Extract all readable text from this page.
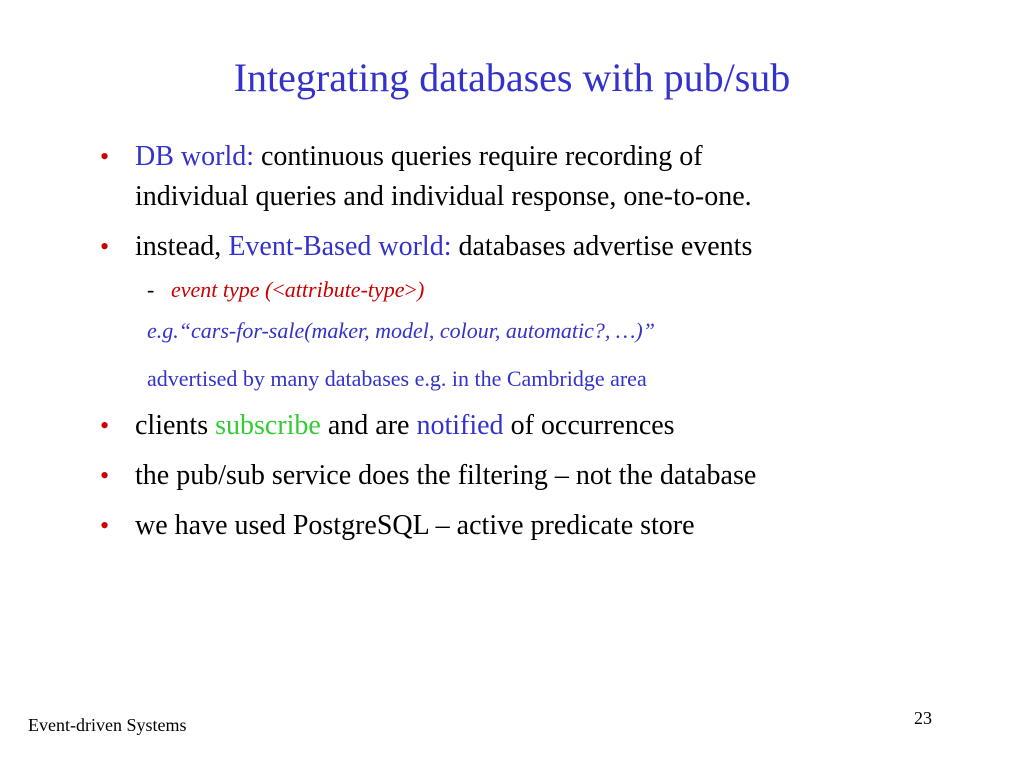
Integrating databases with pub/sub
• DB world: continuous queries require recording of
individual queries and individual response, one-to-one.
• instead, Event-Based world: databases advertise events
- event type (<attribute-type>)
e.g.“cars-for-sale(maker, model, colour, automatic?, …)”
advertised by many databases e.g. in the Cambridge area
• clients subscribe and are notified of occurrences
• the pub/sub service does the filtering – not the database
• we have used PostgreSQL – active predicate store
Event-driven Systems	23
